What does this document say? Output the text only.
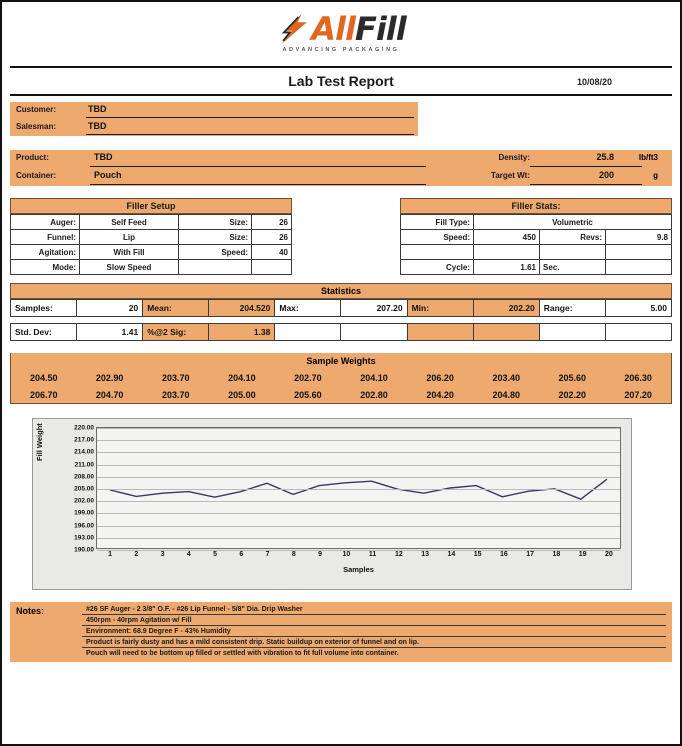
All Fill
ADVANCING PACKAGING
Lab Test Report	10/08/20
Customer:	TBD
Salesman:	TBD
Product:	TBD	Density:	25.8	lb/ft3
Container:	Pouch	Target Wt:	200	g
Filler Setup
Auger:	Self Feed	Size:	26
Funnel:	Lip	Size:	26
Agitation:	With Fill	Speed:	40
Mode:	Slow Speed		
Filler Stats:
Fill Type:	Volumetric		
Speed:	450	Revs:	9.8

Cycle:	1.61	Sec.	
Statistics
Samples:	20	Mean:	204.520	Max:	207.20	Min:	202.20	Range:	5.00
Std. Dev:	1.41	%@2 Sig:	1.38						
Sample Weights
204.50	202.90	203.70	204.10	202.70	204.10	206.20	203.40	205.60	206.30
206.70	204.70	203.70	205.00	205.60	202.80	204.20	204.80	202.20	207.20
Fill Weight	220.00
217.00
214.00
211.00
208.00
205.00
202.00
199.00
196.00
193.00
190.00
1	2	3	4	5	6	7	8	9	10	11	12	13	14	15	16	17	18	19	20
Samples
Notes:	#26 SF Auger - 2 3/8" O.F. - #26 Lip Funnel - 5/8" Dia. Drip Washer
450rpm - 40rpm Agitation w/ Fill
Environment: 68.9 Degree F - 43% Humidity
Product is fairly dusty and has a mild consistent drip. Static buildup on exterior of funnel and on lip.
Pouch will need to be bottom up filled or settled with vibration to fit full volume into container.
